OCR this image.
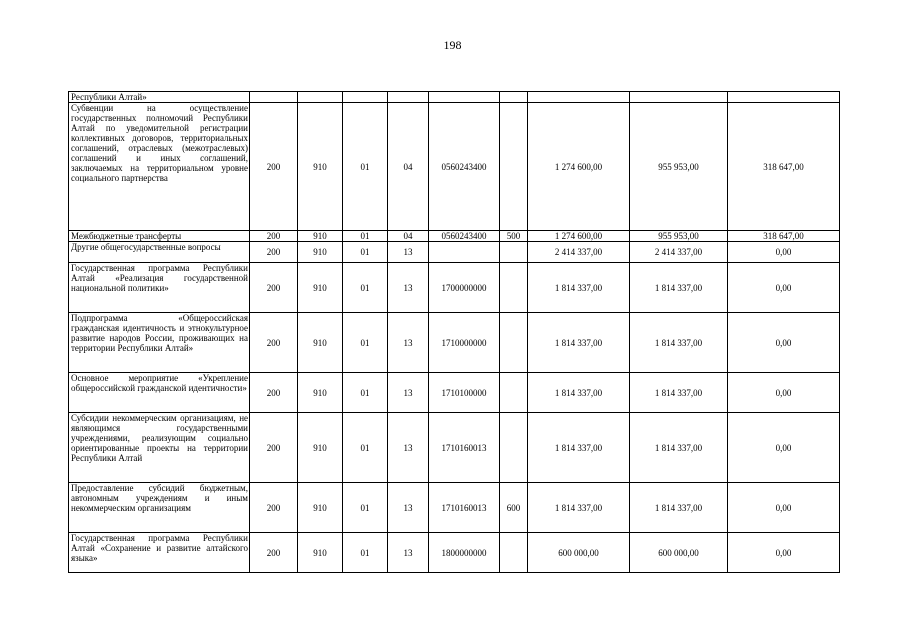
198
Республики Алтай»									
Субвенции на осуществление государственных полномочий Республики Алтай по уведомительной регистрации коллективных договоров, территориальных соглашений, отраслевых (межотраслевых) соглашений и иных соглашений, заключаемых на территориальном уровне социального партнерства	200	910	01	04	0560243400		1 274 600,00	955 953,00	318 647,00
Межбюджетные трансферты	200	910	01	04	0560243400	500	1 274 600,00	955 953,00	318 647,00
Другие общегосударственные вопросы	200	910	01	13			2 414 337,00	2 414 337,00	0,00
Государственная программа Республики Алтай «Реализация государственной национальной политики»	200	910	01	13	1700000000		1 814 337,00	1 814 337,00	0,00
Подпрограмма «Общероссийская гражданская идентичность и этнокультурное развитие народов России, проживающих на территории Республики Алтай»	200	910	01	13	1710000000		1 814 337,00	1 814 337,00	0,00
Основное мероприятие «Укрепление общероссийской гражданской идентичности»	200	910	01	13	1710100000		1 814 337,00	1 814 337,00	0,00
Субсидии некоммерческим организациям, не являющимся государственными учреждениями, реализующим социально ориентированные проекты на территории Республики Алтай	200	910	01	13	1710160013		1 814 337,00	1 814 337,00	0,00
Предоставление субсидий бюджетным, автономным учреждениям и иным некоммерческим организациям	200	910	01	13	1710160013	600	1 814 337,00	1 814 337,00	0,00
Государственная программа Республики Алтай «Сохранение и развитие алтайского языка»	200	910	01	13	1800000000		600 000,00	600 000,00	0,00
